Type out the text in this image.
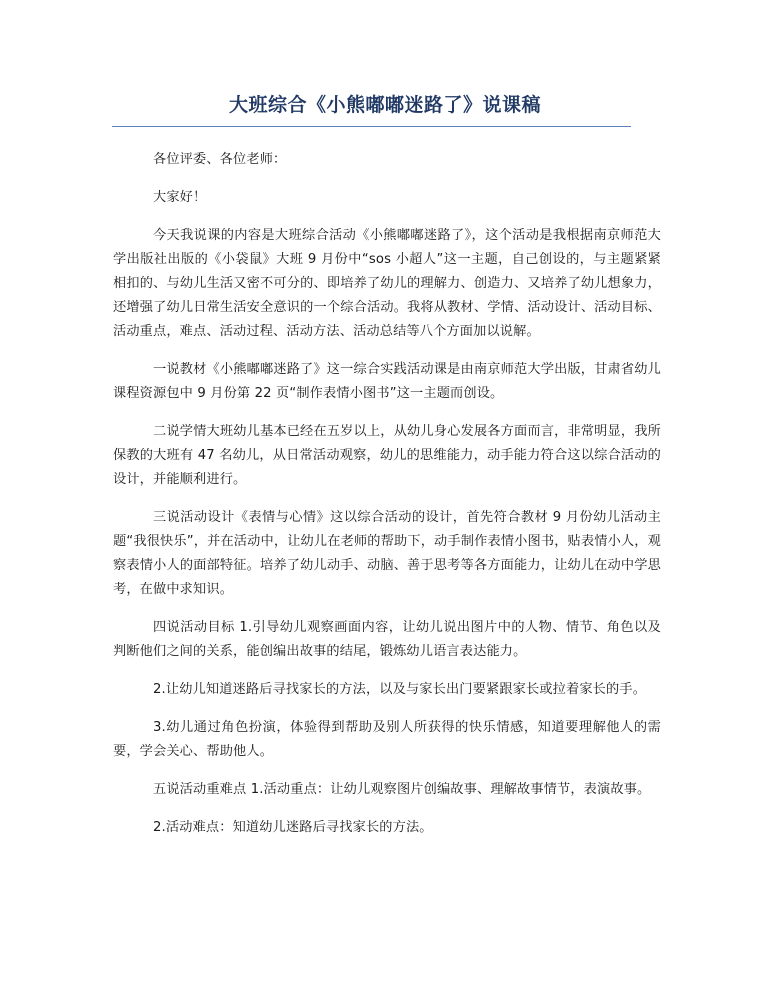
大班综合《小熊嘟嘟迷路了》说课稿

各位评委、各位老师：

大家好！

今天我说课的内容是大班综合活动《小熊嘟嘟迷路了》，这个活动是我根据南京师范大学出版社出版的《小袋鼠》大班 9 月份中“sos 小超人”这一主题，自己创设的，与主题紧紧相扣的、与幼儿生活又密不可分的、即培养了幼儿的理解力、创造力、又培养了幼儿想象力，还增强了幼儿日常生活安全意识的一个综合活动。我将从教材、学情、活动设计、活动目标、活动重点，难点、活动过程、活动方法、活动总结等八个方面加以说解。

一说教材《小熊嘟嘟迷路了》这一综合实践活动课是由南京师范大学出版，甘肃省幼儿课程资源包中 9 月份第 22 页“制作表情小图书”这一主题而创设。

二说学情大班幼儿基本已经在五岁以上，从幼儿身心发展各方面而言，非常明显，我所保教的大班有 47 名幼儿，从日常活动观察，幼儿的思维能力，动手能力符合这以综合活动的设计，并能顺利进行。

三说活动设计《表情与心情》这以综合活动的设计，首先符合教材 9 月份幼儿活动主题“我很快乐”，并在活动中，让幼儿在老师的帮助下，动手制作表情小图书，贴表情小人，观察表情小人的面部特征。培养了幼儿动手、动脑、善于思考等各方面能力，让幼儿在动中学思考，在做中求知识。

四说活动目标 1.引导幼儿观察画面内容，让幼儿说出图片中的人物、情节、角色以及判断他们之间的关系，能创编出故事的结尾，锻炼幼儿语言表达能力。

2.让幼儿知道迷路后寻找家长的方法，以及与家长出门要紧跟家长或拉着家长的手。

3.幼儿通过角色扮演，体验得到帮助及别人所获得的快乐情感，知道要理解他人的需要，学会关心、帮助他人。

五说活动重难点 1.活动重点：让幼儿观察图片创编故事、理解故事情节，表演故事。

2.活动难点：知道幼儿迷路后寻找家长的方法。
